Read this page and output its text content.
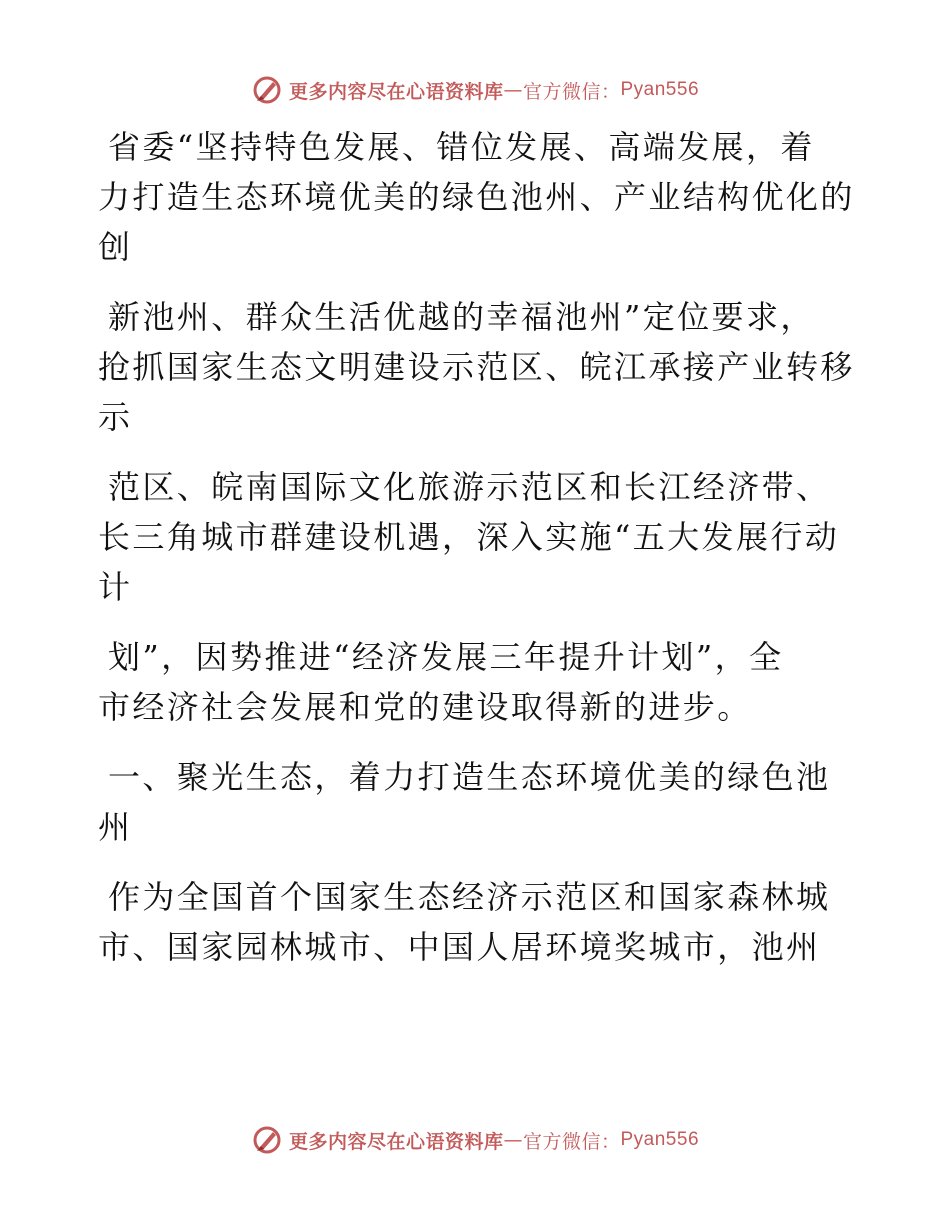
更多内容尽在心语资料库 — 官方微信： Pyan556
省委“坚持特色发展、错位发展、高端发展，着
力打造生态环境优美的绿色池州、产业结构优化的
创
新池州、群众生活优越的幸福池州”定位要求，
抢抓国家生态文明建设示范区、皖江承接产业转移
示
范区、皖南国际文化旅游示范区和长江经济带、
长三角城市群建设机遇，深入实施“五大发展行动
计
划”，因势推进“经济发展三年提升计划”，全
市经济社会发展和党的建设取得新的进步。
一、聚光生态，着力打造生态环境优美的绿色池
州
作为全国首个国家生态经济示范区和国家森林城
市、国家园林城市、中国人居环境奖城市，池州
更多内容尽在心语资料库 — 官方微信： Pyan556
